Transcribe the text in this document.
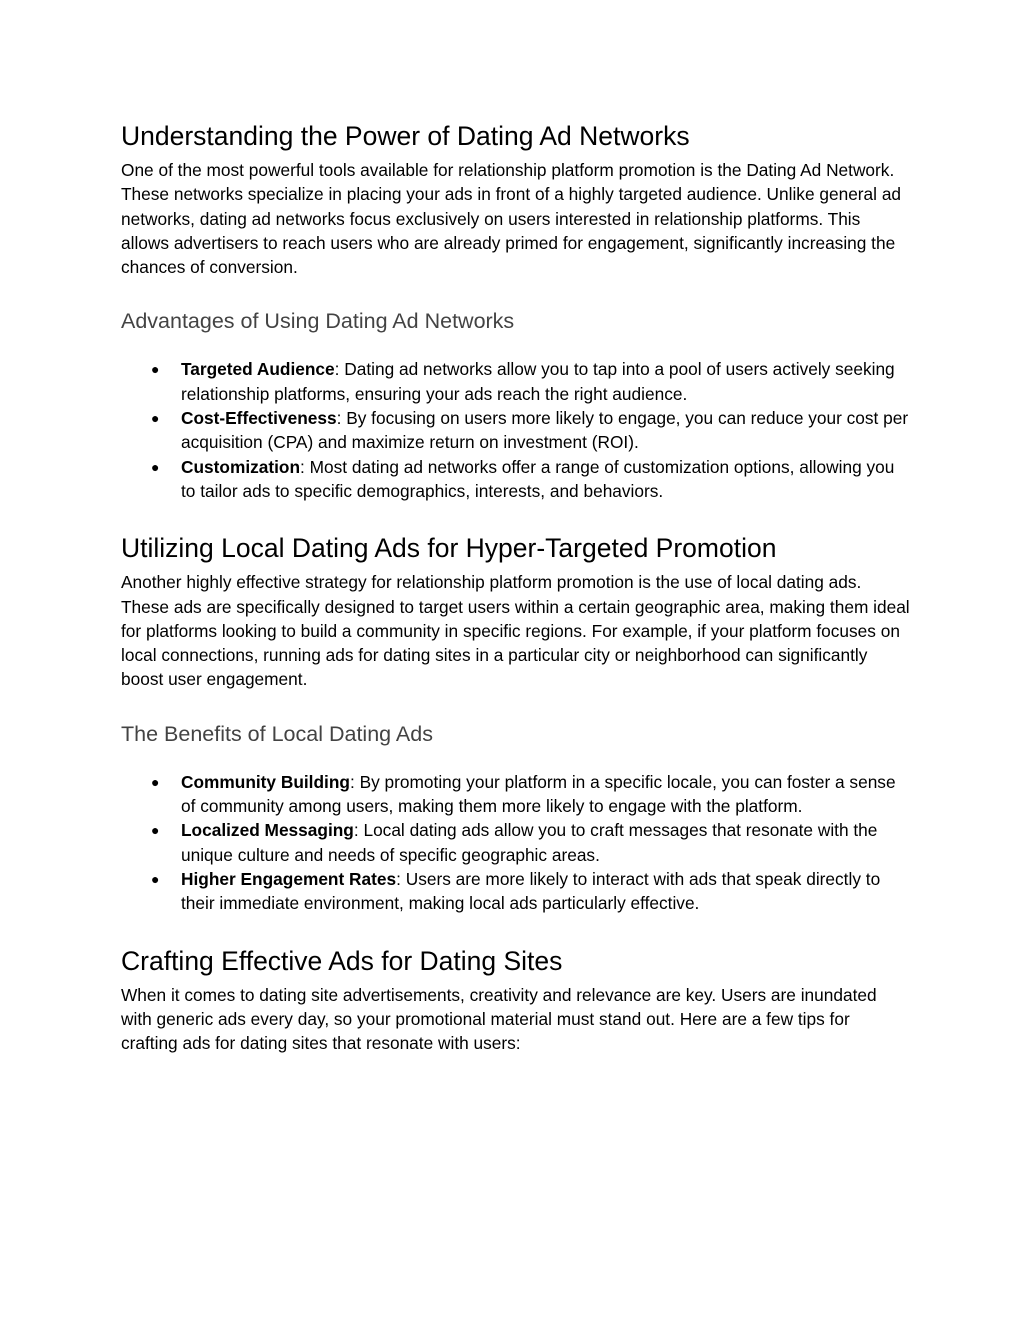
Understanding the Power of Dating Ad Networks

One of the most powerful tools available for relationship platform promotion is the Dating Ad Network. These networks specialize in placing your ads in front of a highly targeted audience. Unlike general ad networks, dating ad networks focus exclusively on users interested in relationship platforms. This allows advertisers to reach users who are already primed for engagement, significantly increasing the chances of conversion.

Advantages of Using Dating Ad Networks
● Targeted Audience: Dating ad networks allow you to tap into a pool of users actively seeking relationship platforms, ensuring your ads reach the right audience.
● Cost-Effectiveness: By focusing on users more likely to engage, you can reduce your cost per acquisition (CPA) and maximize return on investment (ROI).
● Customization: Most dating ad networks offer a range of customization options, allowing you to tailor ads to specific demographics, interests, and behaviors.
Utilizing Local Dating Ads for Hyper-Targeted Promotion

Another highly effective strategy for relationship platform promotion is the use of local dating ads. These ads are specifically designed to target users within a certain geographic area, making them ideal for platforms looking to build a community in specific regions. For example, if your platform focuses on local connections, running ads for dating sites in a particular city or neighborhood can significantly boost user engagement.

The Benefits of Local Dating Ads
● Community Building: By promoting your platform in a specific locale, you can foster a sense of community among users, making them more likely to engage with the platform.
● Localized Messaging: Local dating ads allow you to craft messages that resonate with the unique culture and needs of specific geographic areas.
● Higher Engagement Rates: Users are more likely to interact with ads that speak directly to their immediate environment, making local ads particularly effective.
Crafting Effective Ads for Dating Sites

When it comes to dating site advertisements, creativity and relevance are key. Users are inundated with generic ads every day, so your promotional material must stand out. Here are a few tips for crafting ads for dating sites that resonate with users:
